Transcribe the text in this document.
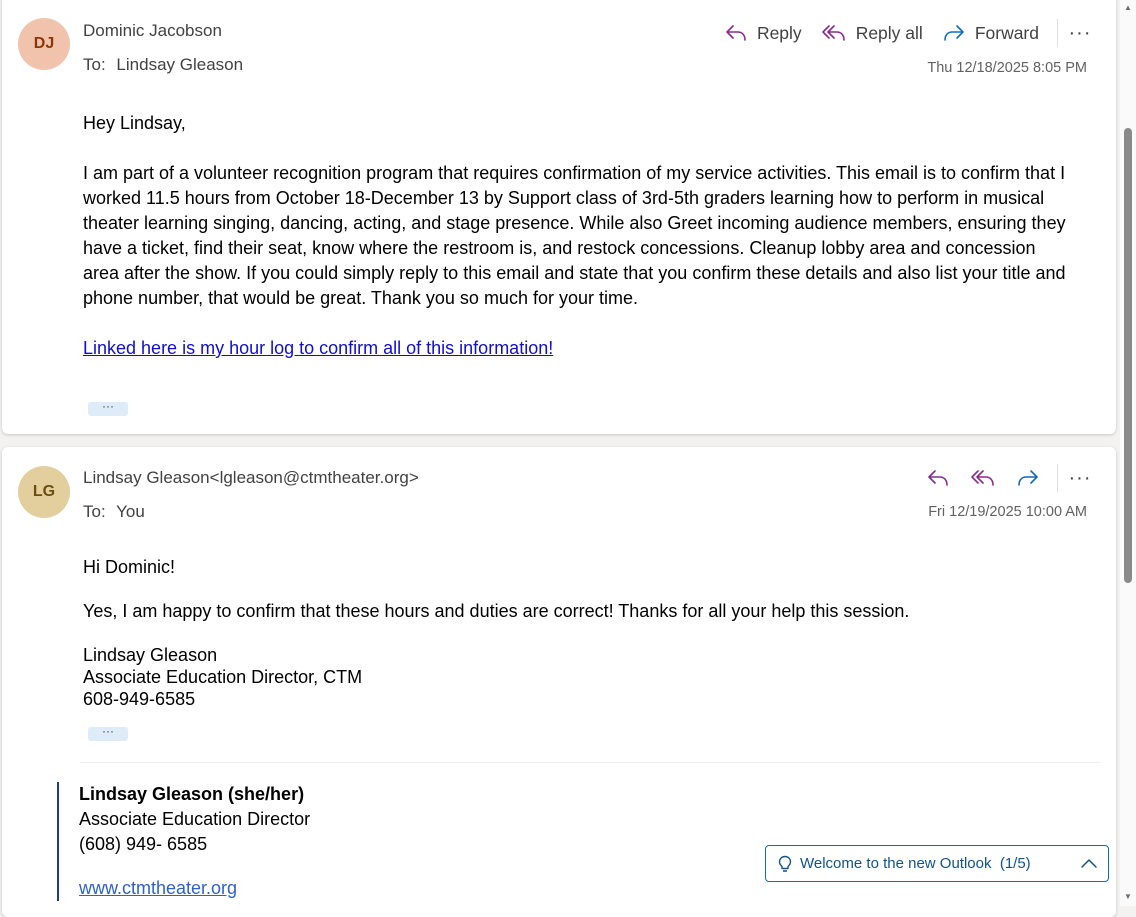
DJ
Dominic Jacobson
To: Lindsay Gleason
Reply	Reply all	Forward ···
Thu 12/18/2025 8:05 PM

Hey Lindsay,

I am part of a volunteer recognition program that requires confirmation of my service activities. This email is to confirm that I worked 11.5 hours from October 18-December 13 by Support class of 3rd-5th graders learning how to perform in musical theater learning singing, dancing, acting, and stage presence. While also Greet incoming audience members, ensuring they have a ticket, find their seat, know where the restroom is, and restock concessions. Cleanup lobby area and concession area after the show. If you could simply reply to this email and state that you confirm these details and also list your title and phone number, that would be great. Thank you so much for your time.

Linked here is my hour log to confirm all of this information!

···
LG
Lindsay Gleason<lgleason@ctmtheater.org>
To: You
···
Fri 12/19/2025 10:00 AM
Hi Dominic!
Yes, I am happy to confirm that these hours and duties are correct! Thanks for all your help this session.
Lindsay Gleason
Associate Education Director, CTM
608-949-6585
···
Lindsay Gleason (she/her)
Associate Education Director
(608) 949- 6585
www.ctmtheater.org
▲
▼
Welcome to the new Outlook  (1/5)
